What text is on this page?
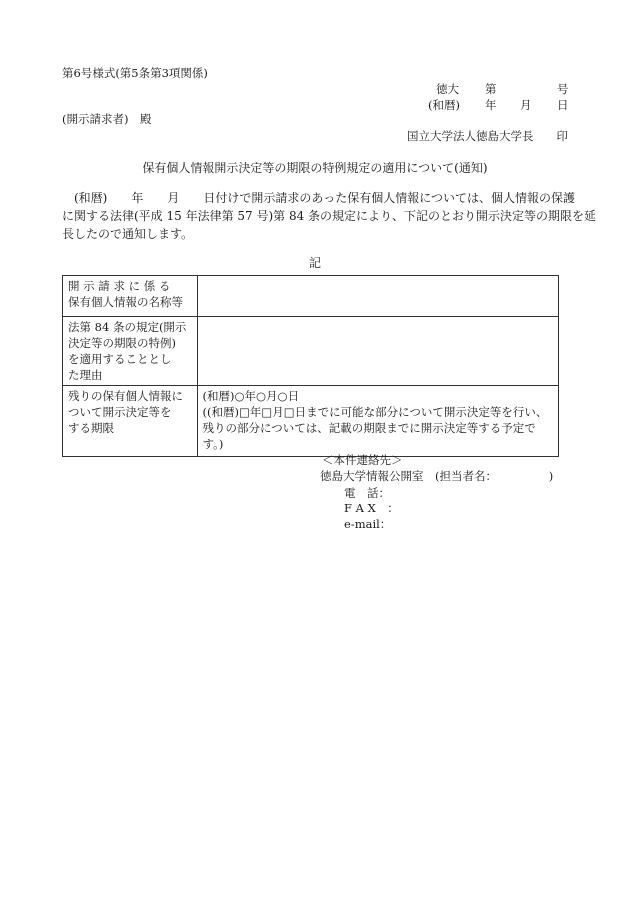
第6号様式(第5条第3項関係)
徳大 第	号
(和暦) 年 月 日
(開示請求者)　殿
国立大学法人徳島大学長　　印
保有個人情報開示決定等の期限の特例規定の適用について(通知)
　(和暦)　　年　　月　　日付けで開示請求のあった保有個人情報については、個人情報の保護
に関する法律(平成 15 年法律第 57 号)第 84 条の規定により、下記のとおり開示決定等の期限を延
長したので通知します。
記
開 示 請 求 に 係 る
保有個人情報の名称等	

法第 84 条の規定(開示
決定等の期限の特例)
を適用することとし
た理由	

残りの保有個人情報に
ついて開示決定等を
する期限	(和暦)○年○月○日
((和暦)□年□月□日までに可能な部分について開示決定等を行い、
残りの部分については、記載の期限までに開示決定等する予定で
す。)
＜本件連絡先＞
徳島大学情報公開室　(担当者名：　　　　　)
電　話：
F A X　：
e-mail：
